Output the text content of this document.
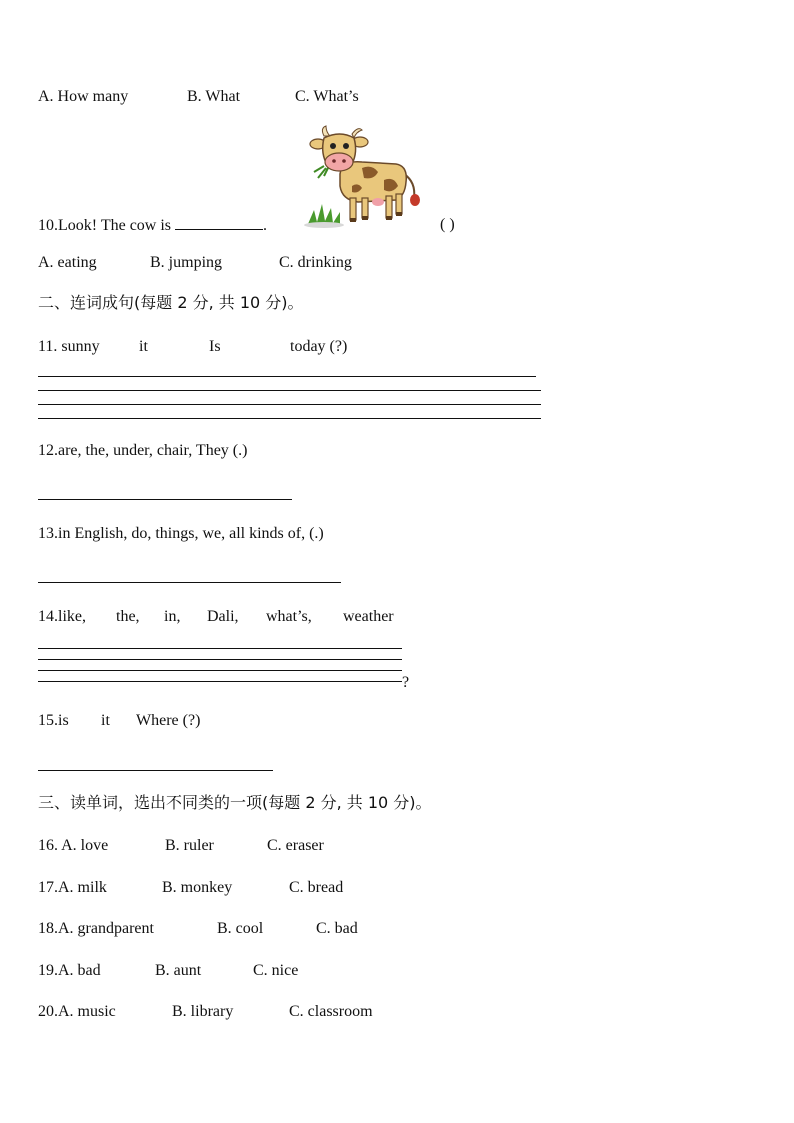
A. How many	B. What	C. What’s
10.Look! The cow is	.	( )
A. eating	B. jumping	C. drinking
二、连词成句(每题 2 分, 共 10 分)。
11. sunny it	Is	today (?)
12.are, the, under, chair, They (.)
13.in English, do, things, we, all kinds of, (.)
14.like, the, in, Dali, what’s, weather
?
15.is it Where (?)
三、读单词，选出不同类的一项(每题 2 分, 共 10 分)。
16. A. love	B. ruler	C. eraser
17.A. milk	B. monkey	C. bread
18.A. grandparent	B. cool	C. bad
19.A. bad	B. aunt	C. nice
20.A. music	B. library	C. classroom
